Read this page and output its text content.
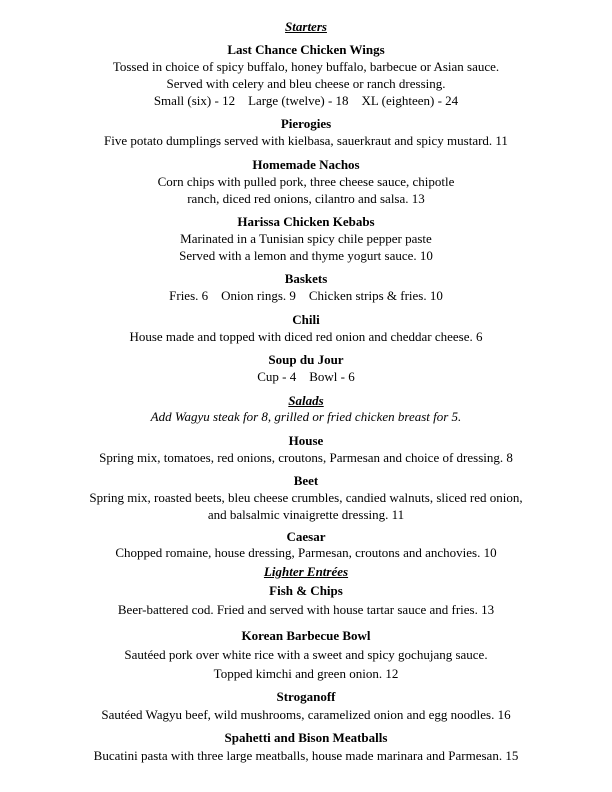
Starters
Last Chance Chicken Wings
Tossed in choice of spicy buffalo, honey buffalo, barbecue or Asian sauce.
Served with celery and bleu cheese or ranch dressing.
Small (six) - 12    Large (twelve) - 18    XL (eighteen) - 24
Pierogies
Five potato dumplings served with kielbasa, sauerkraut and spicy mustard. 11
Homemade Nachos
Corn chips with pulled pork, three cheese sauce, chipotle
ranch, diced red onions, cilantro and salsa. 13
Harissa Chicken Kebabs
Marinated in a Tunisian spicy chile pepper paste
Served with a lemon and thyme yogurt sauce. 10
Baskets
Fries. 6    Onion rings. 9    Chicken strips & fries. 10
Chili
House made and topped with diced red onion and cheddar cheese. 6
Soup du Jour
Cup - 4    Bowl - 6
Salads
Add Wagyu steak for 8, grilled or fried chicken breast for 5.
House
Spring mix, tomatoes, red onions, croutons, Parmesan and choice of dressing. 8
Beet
Spring mix, roasted beets, bleu cheese crumbles, candied walnuts, sliced red onion,
and balsalmic vinaigrette dressing. 11
Caesar
Chopped romaine, house dressing, Parmesan, croutons and anchovies. 10
Lighter Entrées
Fish & Chips
Beer-battered cod. Fried and served with house tartar sauce and fries. 13
Korean Barbecue Bowl
Sautéed pork over white rice with a sweet and spicy gochujang sauce.
Topped kimchi and green onion. 12
Stroganoff
Sautéed Wagyu beef, wild mushrooms, caramelized onion and egg noodles. 16
Spahetti and Bison Meatballs
Bucatini pasta with three large meatballs, house made marinara and Parmesan. 15
